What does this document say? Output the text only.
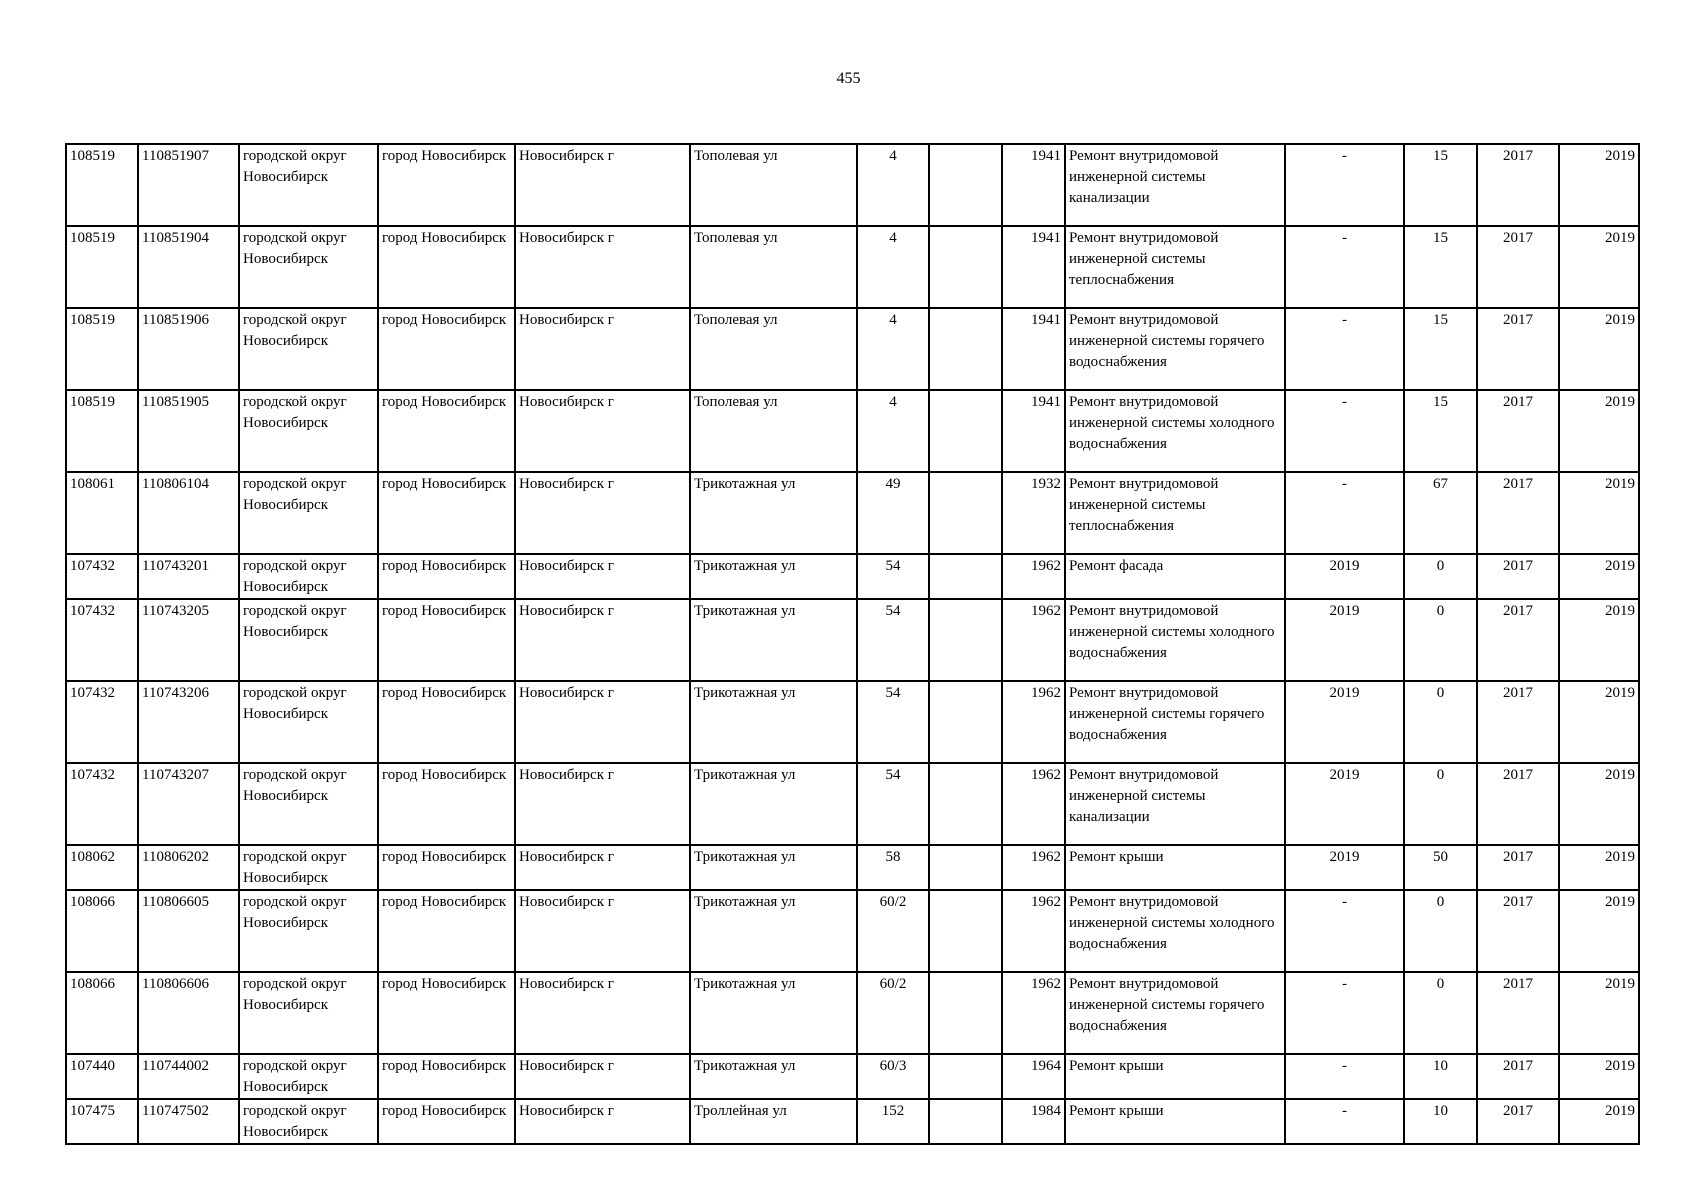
455
108519	110851907	городской округ Новосибирск	город Новосибирск	Новосибирск г	Тополевая ул	4		1941	Ремонт внутридомовой инженерной системы канализации	-	15	2017	2019
108519	110851904	городской округ Новосибирск	город Новосибирск	Новосибирск г	Тополевая ул	4		1941	Ремонт внутридомовой инженерной системы теплоснабжения	-	15	2017	2019
108519	110851906	городской округ Новосибирск	город Новосибирск	Новосибирск г	Тополевая ул	4		1941	Ремонт внутридомовой инженерной системы горячего водоснабжения	-	15	2017	2019
108519	110851905	городской округ Новосибирск	город Новосибирск	Новосибирск г	Тополевая ул	4		1941	Ремонт внутридомовой инженерной системы холодного водоснабжения	-	15	2017	2019
108061	110806104	городской округ Новосибирск	город Новосибирск	Новосибирск г	Трикотажная ул	49		1932	Ремонт внутридомовой инженерной системы теплоснабжения	-	67	2017	2019
107432	110743201	городской округ Новосибирск	город Новосибирск	Новосибирск г	Трикотажная ул	54		1962	Ремонт фасада	2019	0	2017	2019
107432	110743205	городской округ Новосибирск	город Новосибирск	Новосибирск г	Трикотажная ул	54		1962	Ремонт внутридомовой инженерной системы холодного водоснабжения	2019	0	2017	2019
107432	110743206	городской округ Новосибирск	город Новосибирск	Новосибирск г	Трикотажная ул	54		1962	Ремонт внутридомовой инженерной системы горячего водоснабжения	2019	0	2017	2019
107432	110743207	городской округ Новосибирск	город Новосибирск	Новосибирск г	Трикотажная ул	54		1962	Ремонт внутридомовой инженерной системы канализации	2019	0	2017	2019
108062	110806202	городской округ Новосибирск	город Новосибирск	Новосибирск г	Трикотажная ул	58		1962	Ремонт крыши	2019	50	2017	2019
108066	110806605	городской округ Новосибирск	город Новосибирск	Новосибирск г	Трикотажная ул	60/2		1962	Ремонт внутридомовой инженерной системы холодного водоснабжения	-	0	2017	2019
108066	110806606	городской округ Новосибирск	город Новосибирск	Новосибирск г	Трикотажная ул	60/2		1962	Ремонт внутридомовой инженерной системы горячего водоснабжения	-	0	2017	2019
107440	110744002	городской округ Новосибирск	город Новосибирск	Новосибирск г	Трикотажная ул	60/3		1964	Ремонт крыши	-	10	2017	2019
107475	110747502	городской округ Новосибирск	город Новосибирск	Новосибирск г	Троллейная ул	152		1984	Ремонт крыши	-	10	2017	2019
